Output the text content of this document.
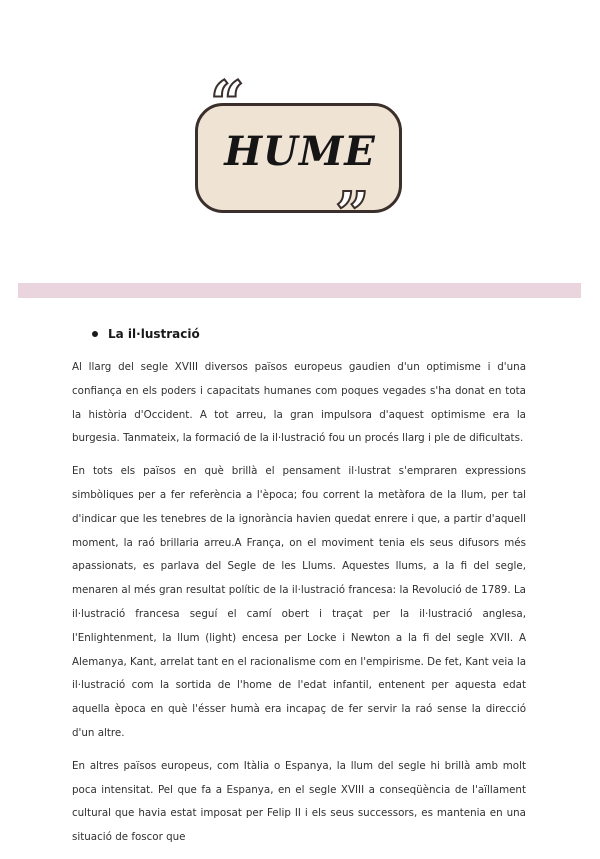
“
HUME
”
La il·lustració

Al llarg del segle XVIII diversos països europeus gaudien d'un optimisme i d'una confiança en els poders i capacitats humanes com poques vegades s'ha donat en tota la història d'Occident. A tot arreu, la gran impulsora d'aquest optimisme era la burgesia. Tanmateix, la formació de la il·lustració fou un procés llarg i ple de dificultats.

En tots els països en què brillà el pensament il·lustrat s'empraren expressions simbòliques per a fer referència a l'època; fou corrent la metàfora de la llum, per tal d'indicar que les tenebres de la ignorància havien quedat enrere i que, a partir d'aquell moment, la raó brillaria arreu.A França, on el moviment tenia els seus difusors més apassionats, es parlava del Segle de les Llums. Aquestes llums, a la fi del segle, menaren al més gran resultat polític de la il·lustració francesa: la Revolució de 1789. La il·lustració francesa seguí el camí obert i traçat per la il·lustració anglesa, l'Enlightenment, la llum (light) encesa per Locke i Newton a la fi del segle XVII. A Alemanya, Kant, arrelat tant en el racionalisme com en l'empirisme. De fet, Kant veia la il·lustració com la sortida de l'home de l'edat infantil, entenent per aquesta edat aquella època en què l'ésser humà era incapaç de fer servir la raó sense la direcció d'un altre.

En altres països europeus, com Itàlia o Espanya, la llum del segle hi brillà amb molt poca intensitat. Pel que fa a Espanya, en el segle XVIII a conseqüència de l'aïllament cultural que havia estat imposat per Felip II i els seus successors, es mantenia en una situació de foscor que
